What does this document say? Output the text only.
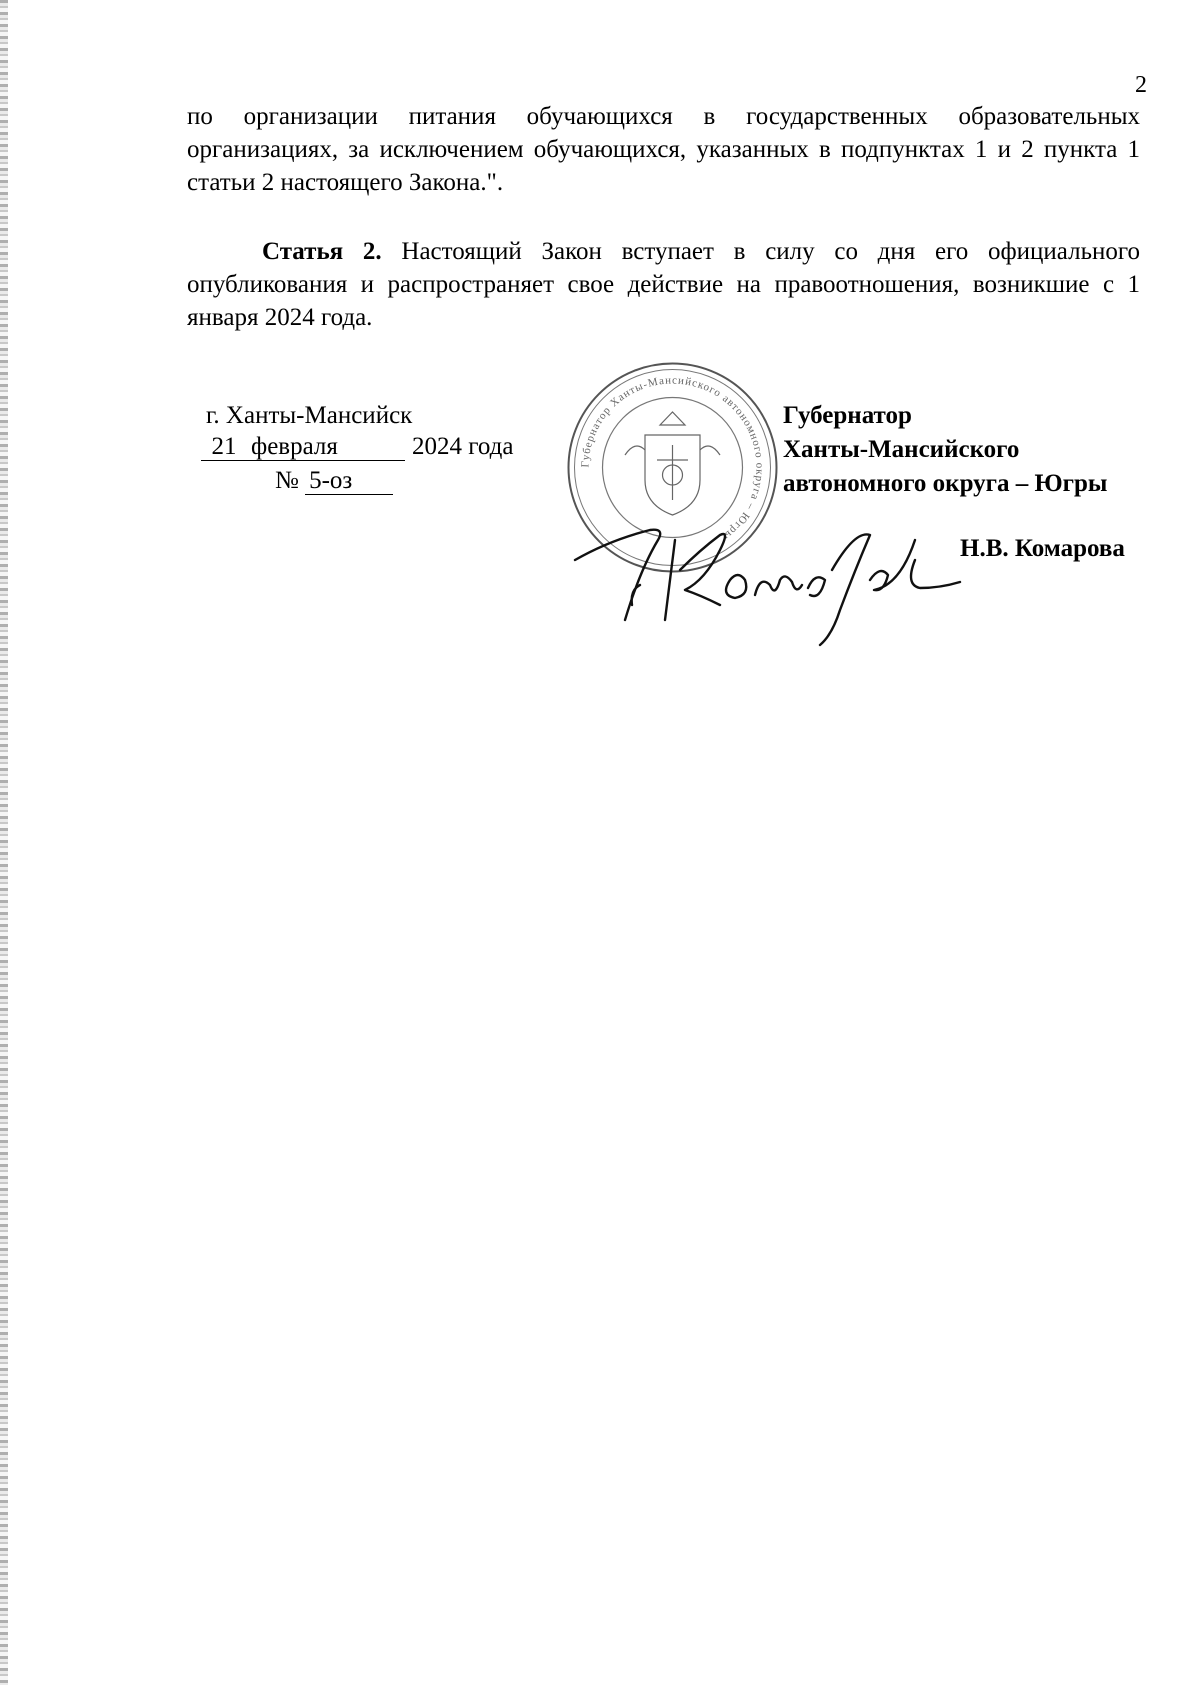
2

по организации питания обучающихся в государственных образовательных организациях, за исключением обучающихся, указанных в подпунктах 1 и 2 пункта 1 статьи 2 настоящего Закона.".

Статья 2. Настоящий Закон вступает в силу со дня его официального опубликования и распространяет свое действие на правоотношения, возникшие с 1 января 2024 года.

г. Ханты-Мансийск
21 февраля	2024 года
№ 5-оз
Губернатор Ханты-Мансийского автономного округа – Югры
Губернатор
Ханты-Мансийского
автономного округа – Югры
Н.В. Комарова
